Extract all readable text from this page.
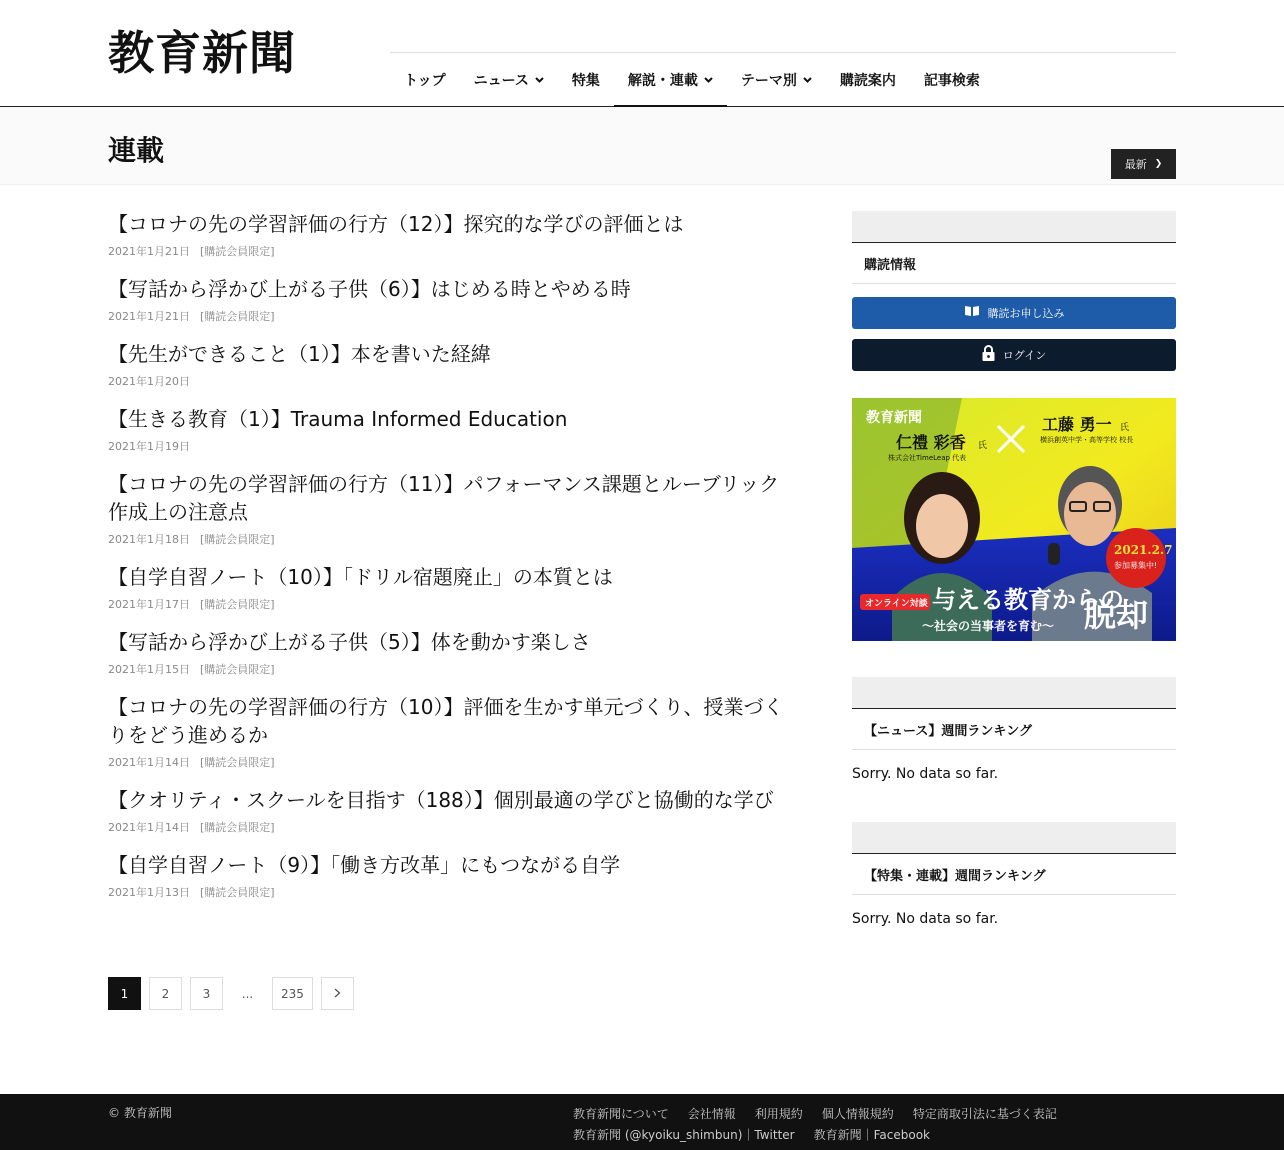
教育新聞
トップ ニュース	特集 解説・連載	テーマ別	購読案内 記事検索
連載	最新 ❯
【コロナの先の学習評価の行方（12）】探究的な学びの評価とは
2021年1月21日 [購読会員限定]
【写話から浮かび上がる子供（6）】はじめる時とやめる時
2021年1月21日 [購読会員限定]
【先生ができること（1）】本を書いた経緯
2021年1月20日
【生きる教育（1）】Trauma Informed Education
2021年1月19日
【コロナの先の学習評価の行方（11）】パフォーマンス課題とルーブリック作成上の注意点
2021年1月18日 [購読会員限定]
【自学自習ノート（10）】「ドリル宿題廃止」の本質とは
2021年1月17日 [購読会員限定]
【写話から浮かび上がる子供（5）】体を動かす楽しさ
2021年1月15日 [購読会員限定]
【コロナの先の学習評価の行方（10）】評価を生かす単元づくり、授業づくりをどう進めるか
2021年1月14日 [購読会員限定]
【クオリティ・スクールを目指す（188）】個別最適の学びと協働的な学び
2021年1月14日 [購読会員限定]
【自学自習ノート（9）】「働き方改革」にもつながる自学
2021年1月13日 [購読会員限定]
1	2	3	...	235
購読情報
購読お申し込み
ログイン
教育新聞
仁禮 彩香 氏
株式会社TimeLeap 代表
工藤 勇一 氏
横浜創英中学・高等学校 校長
2021.2.7
参加募集中!
オンライン対談 与える教育からの
脱却
〜社会の当事者を育む〜
【ニュース】週間ランキング
Sorry. No data so far.
【特集・連載】週間ランキング
Sorry. No data so far.
© 教育新聞	教育新聞について 会社情報 利用規約 個人情報規約 特定商取引法に基づく表記
教育新聞 (@kyoiku_shimbun)｜Twitter 教育新聞｜Facebook
